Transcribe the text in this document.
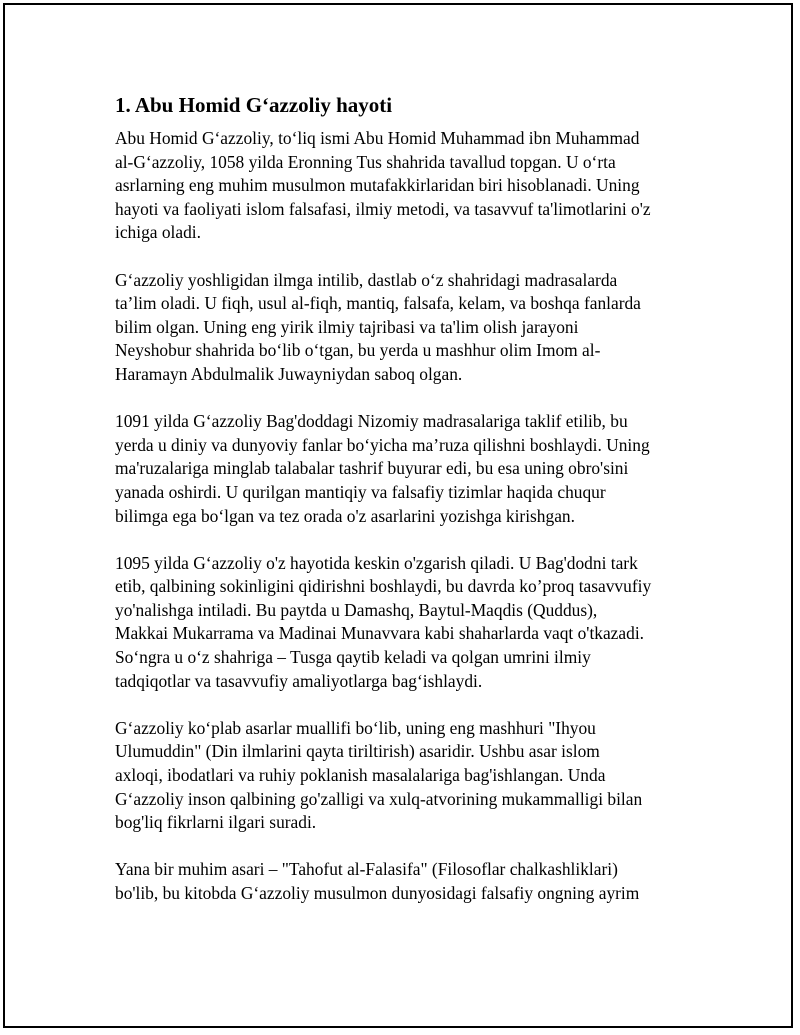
1. Abu Homid G‘azzoliy hayoti
Abu Homid G‘azzoliy, to‘liq ismi Abu Homid Muhammad ibn Muhammad
al-G‘azzoliy, 1058 yilda Eronning Tus shahrida tavallud topgan. U o‘rta
asrlarning eng muhim musulmon mutafakkirlaridan biri hisoblanadi. Uning
hayoti va faoliyati islom falsafasi, ilmiy metodi, va tasavvuf ta'limotlarini o'z
ichiga oladi.
G‘azzoliy yoshligidan ilmga intilib, dastlab o‘z shahridagi madrasalarda
ta’lim oladi. U fiqh, usul al-fiqh, mantiq, falsafa, kelam, va boshqa fanlarda
bilim olgan. Uning eng yirik ilmiy tajribasi va ta'lim olish jarayoni
Neyshobur shahrida bo‘lib o‘tgan, bu yerda u mashhur olim Imom al-
Haramayn Abdulmalik Juwayniydan saboq olgan.
1091 yilda G‘azzoliy Bag'doddagi Nizomiy madrasalariga taklif etilib, bu
yerda u diniy va dunyoviy fanlar bo‘yicha ma’ruza qilishni boshlaydi. Uning
ma'ruzalariga minglab talabalar tashrif buyurar edi, bu esa uning obro'sini
yanada oshirdi. U qurilgan mantiqiy va falsafiy tizimlar haqida chuqur
bilimga ega bo‘lgan va tez orada o'z asarlarini yozishga kirishgan.
1095 yilda G‘azzoliy o'z hayotida keskin o'zgarish qiladi. U Bag'dodni tark
etib, qalbining sokinligini qidirishni boshlaydi, bu davrda ko’proq tasavvufiy
yo'nalishga intiladi. Bu paytda u Damashq, Baytul-Maqdis (Quddus),
Makkai Mukarrama va Madinai Munavvara kabi shaharlarda vaqt o'tkazadi.
So‘ngra u o‘z shahriga – Tusga qaytib keladi va qolgan umrini ilmiy
tadqiqotlar va tasavvufiy amaliyotlarga bag‘ishlaydi.
G‘azzoliy ko‘plab asarlar muallifi bo‘lib, uning eng mashhuri "Ihyou
Ulumuddin" (Din ilmlarini qayta tiriltirish) asaridir. Ushbu asar islom
axloqi, ibodatlari va ruhiy poklanish masalalariga bag'ishlangan. Unda
G‘azzoliy inson qalbining go'zalligi va xulq-atvorining mukammalligi bilan
bog'liq fikrlarni ilgari suradi.
Yana bir muhim asari – "Tahofut al-Falasifa" (Filosoflar chalkashliklari)
bo'lib, bu kitobda G‘azzoliy musulmon dunyosidagi falsafiy ongning ayrim
